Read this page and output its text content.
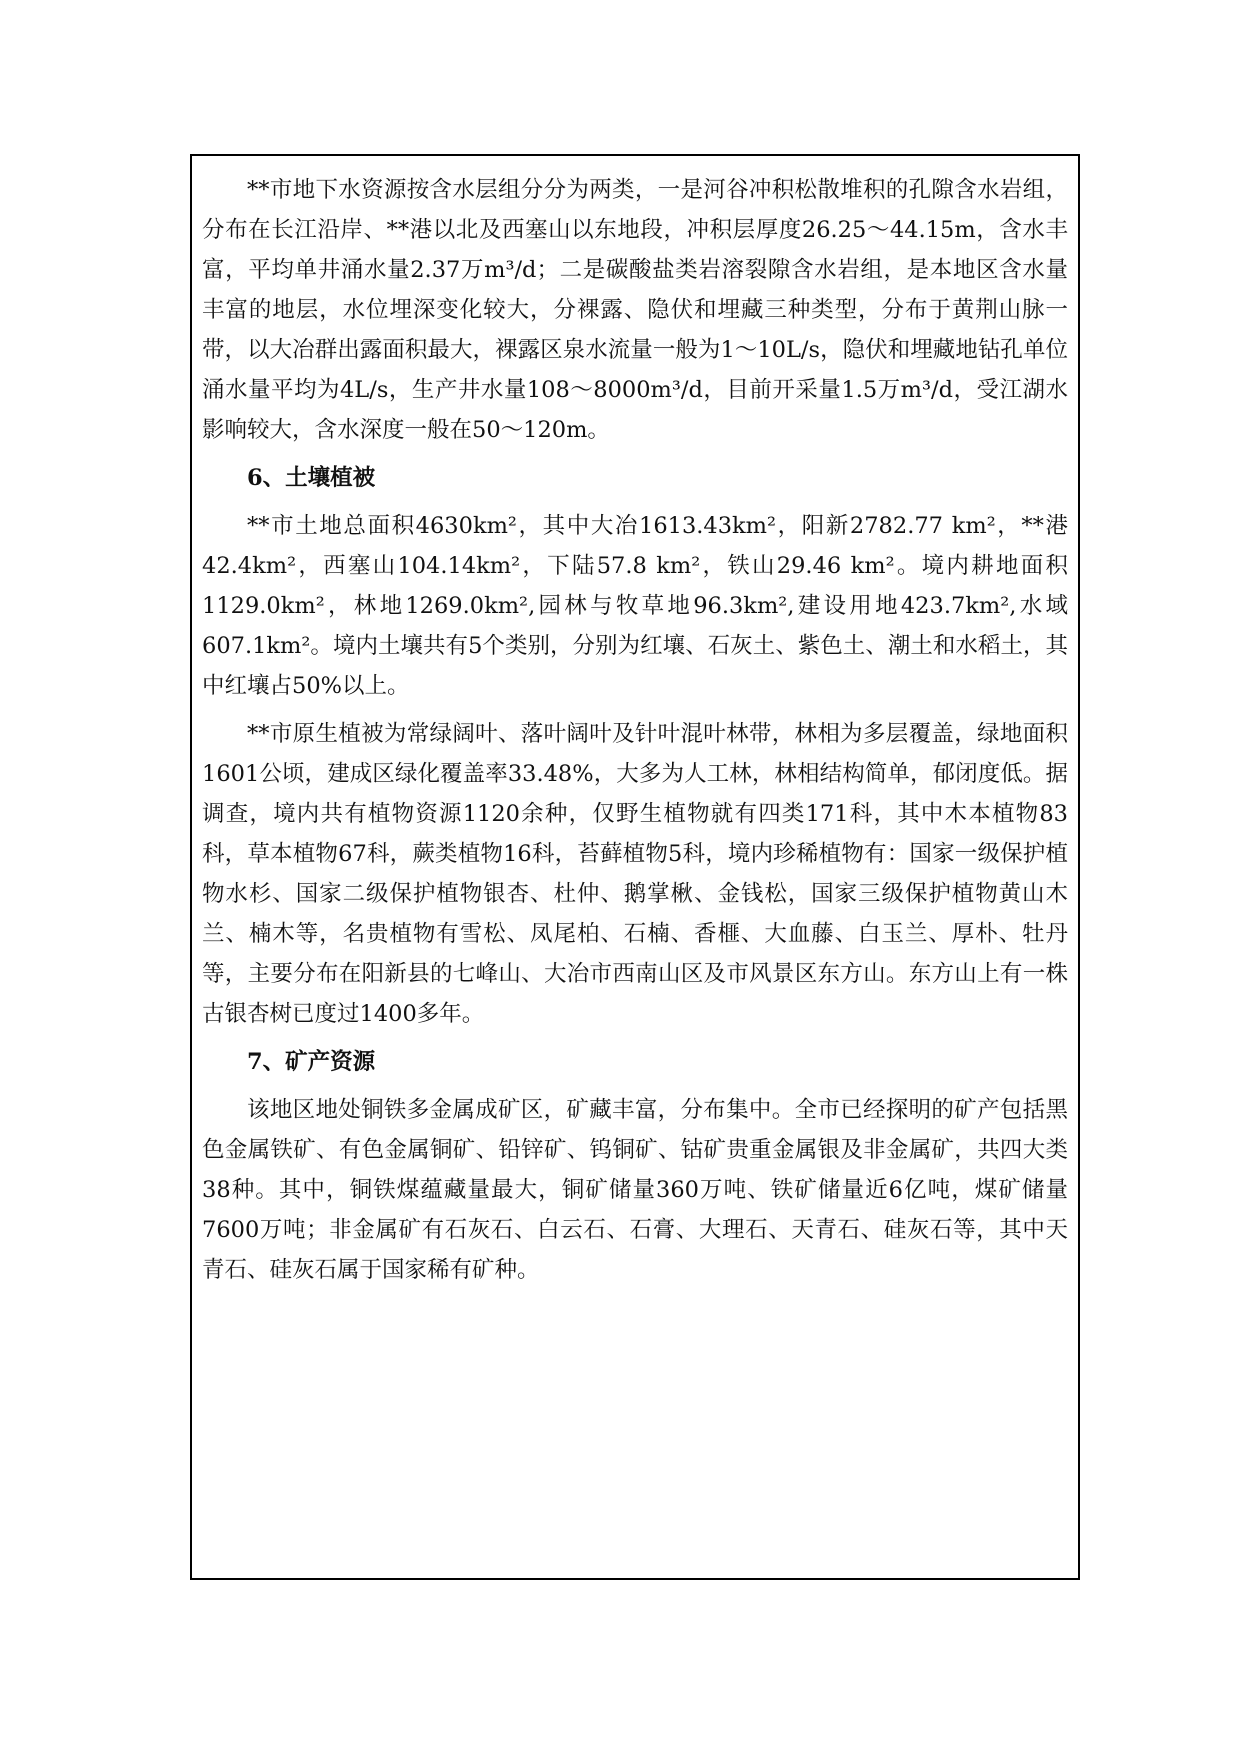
**市地下水资源按含水层组分分为两类，一是河谷冲积松散堆积的孔隙含水岩组，分布在长江沿岸、**港以北及西塞山以东地段，冲积层厚度26.25～44.15m，含水丰富，平均单井涌水量2.37万m³/d；二是碳酸盐类岩溶裂隙含水岩组，是本地区含水量丰富的地层，水位埋深变化较大，分裸露、隐伏和埋藏三种类型，分布于黄荆山脉一带，以大冶群出露面积最大，裸露区泉水流量一般为1～10L/s，隐伏和埋藏地钻孔单位涌水量平均为4L/s，生产井水量108～8000m³/d，目前开采量1.5万m³/d，受江湖水影响较大，含水深度一般在50～120m。

6、土壤植被

**市土地总面积4630km²，其中大冶1613.43km²，阳新2782.77 km²，**港42.4km²，西塞山104.14km²，下陆57.8 km²，铁山29.46 km²。境内耕地面积1129.0km²，林地1269.0km²,园林与牧草地96.3km²,建设用地423.7km²,水域607.1km²。境内土壤共有5个类别，分别为红壤、石灰土、紫色土、潮土和水稻土，其中红壤占50%以上。

**市原生植被为常绿阔叶、落叶阔叶及针叶混叶林带，林相为多层覆盖，绿地面积1601公顷，建成区绿化覆盖率33.48%，大多为人工林，林相结构简单，郁闭度低。据调查，境内共有植物资源1120余种，仅野生植物就有四类171科，其中木本植物83科，草本植物67科，蕨类植物16科，苔藓植物5科，境内珍稀植物有：国家一级保护植物水杉、国家二级保护植物银杏、杜仲、鹅掌楸、金钱松，国家三级保护植物黄山木兰、楠木等，名贵植物有雪松、凤尾柏、石楠、香榧、大血藤、白玉兰、厚朴、牡丹等，主要分布在阳新县的七峰山、大冶市西南山区及市风景区东方山。东方山上有一株古银杏树已度过1400多年。

7、矿产资源

该地区地处铜铁多金属成矿区，矿藏丰富，分布集中。全市已经探明的矿产包括黑色金属铁矿、有色金属铜矿、铅锌矿、钨铜矿、钴矿贵重金属银及非金属矿，共四大类38种。其中，铜铁煤蕴藏量最大，铜矿储量360万吨、铁矿储量近6亿吨，煤矿储量7600万吨；非金属矿有石灰石、白云石、石膏、大理石、天青石、硅灰石等，其中天青石、硅灰石属于国家稀有矿种。
